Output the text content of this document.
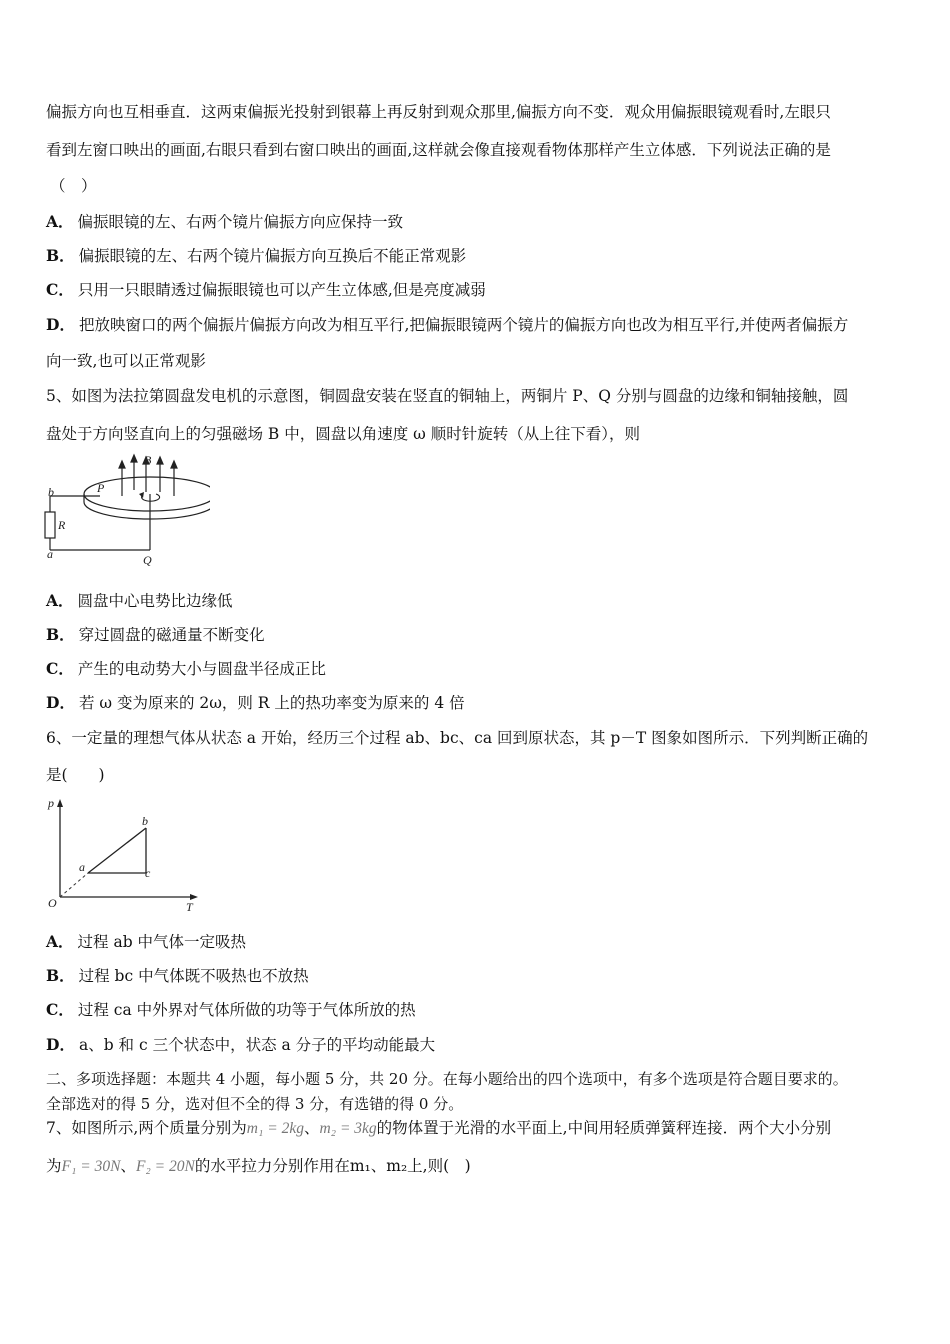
偏振方向也互相垂直．这两束偏振光投射到银幕上再反射到观众那里,偏振方向不变．观众用偏振眼镜观看时,左眼只
看到左窗口映出的画面,右眼只看到右窗口映出的画面,这样就会像直接观看物体那样产生立体感．下列说法正确的是
（　）
A． 偏振眼镜的左、右两个镜片偏振方向应保持一致
B． 偏振眼镜的左、右两个镜片偏振方向互换后不能正常观影
C． 只用一只眼睛透过偏振眼镜也可以产生立体感,但是亮度减弱
D． 把放映窗口的两个偏振片偏振方向改为相互平行,把偏振眼镜两个镜片的偏振方向也改为相互平行,并使两者偏振方
向一致,也可以正常观影
5、如图为法拉第圆盘发电机的示意图，铜圆盘安装在竖直的铜轴上，两铜片 P、Q 分别与圆盘的边缘和铜轴接触，圆
盘处于方向竖直向上的匀强磁场 B 中，圆盘以角速度 ω 顺时针旋转（从上往下看），则
b	P
B
R
a	Q
A． 圆盘中心电势比边缘低
B． 穿过圆盘的磁通量不断变化
C． 产生的电动势大小与圆盘半径成正比
D． 若 ω 变为原来的 2ω，则 R 上的热功率变为原来的 4 倍
6、一定量的理想气体从状态 a 开始，经历三个过程 ab、bc、ca 回到原状态，其 p－T 图象如图所示．下列判断正确的
是(　　)
p
T
O
a
b
c
A． 过程 ab 中气体一定吸热
B． 过程 bc 中气体既不吸热也不放热
C． 过程 ca 中外界对气体所做的功等于气体所放的热
D． a、b 和 c 三个状态中，状态 a 分子的平均动能最大
二、多项选择题：本题共 4 小题，每小题 5 分，共 20 分。在每小题给出的四个选项中，有多个选项是符合题目要求的。
全部选对的得 5 分，选对但不全的得 3 分，有选错的得 0 分。
7、如图所示,两个质量分别为m₁ = 2kg、m₂ = 3kg的物体置于光滑的水平面上,中间用轻质弹簧秤连接．两个大小分别
为F₁ = 30N、F₂ = 20N的水平拉力分别作用在m₁、m₂上,则(　)
